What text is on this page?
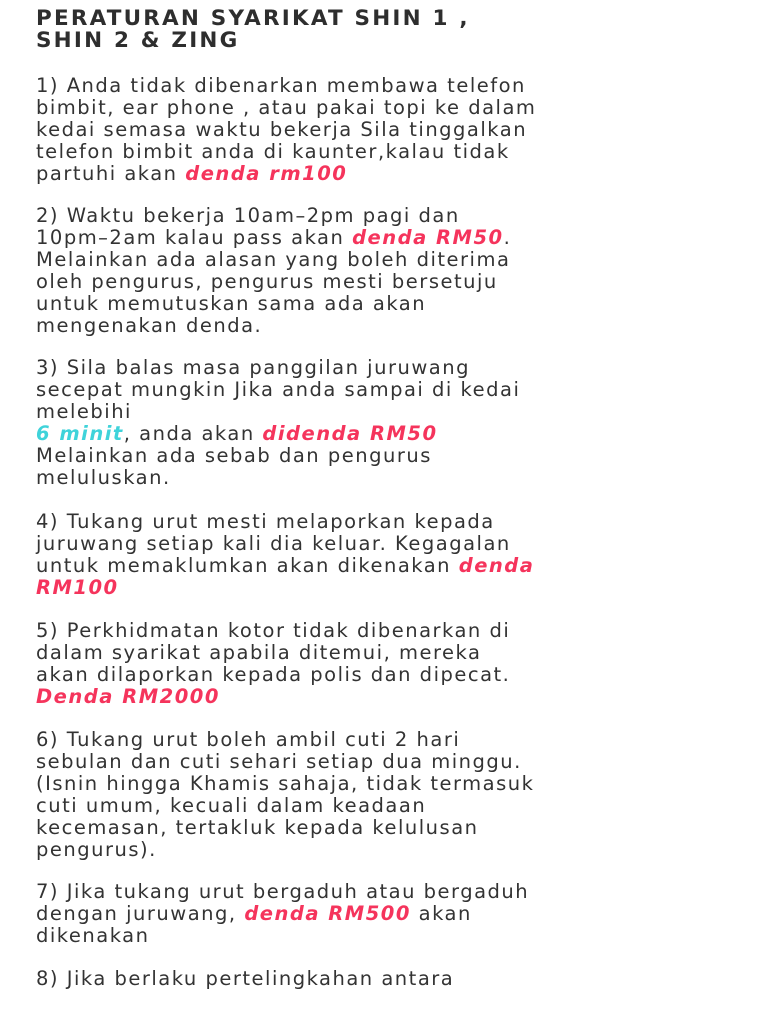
PERATURAN SYARIKAT SHIN 1 ,
SHIN 2 & ZING
1) Anda tidak dibenarkan membawa telefon
bimbit, ear phone , atau pakai topi ke dalam
kedai semasa waktu bekerja Sila tinggalkan
telefon bimbit anda di kaunter,kalau tidak
partuhi akan denda rm100
2) Waktu bekerja 10am–2pm pagi dan
10pm–2am kalau pass akan denda RM50.
Melainkan ada alasan yang boleh diterima
oleh pengurus, pengurus mesti bersetuju
untuk memutuskan sama ada akan
mengenakan denda.
3) Sila balas masa panggilan juruwang
secepat mungkin Jika anda sampai di kedai
melebihi
6 minit, anda akan didenda RM50
Melainkan ada sebab dan pengurus
meluluskan.
4) Tukang urut mesti melaporkan kepada
juruwang setiap kali dia keluar. Kegagalan
untuk memaklumkan akan dikenakan denda
RM100
5) Perkhidmatan kotor tidak dibenarkan di
dalam syarikat apabila ditemui, mereka
akan dilaporkan kepada polis dan dipecat.
Denda RM2000
6) Tukang urut boleh ambil cuti 2 hari
sebulan dan cuti sehari setiap dua minggu.
(Isnin hingga Khamis sahaja, tidak termasuk
cuti umum, kecuali dalam keadaan
kecemasan, tertakluk kepada kelulusan
pengurus).
7) Jika tukang urut bergaduh atau bergaduh
dengan juruwang, denda RM500 akan
dikenakan
8) Jika berlaku pertelingkahan antara
